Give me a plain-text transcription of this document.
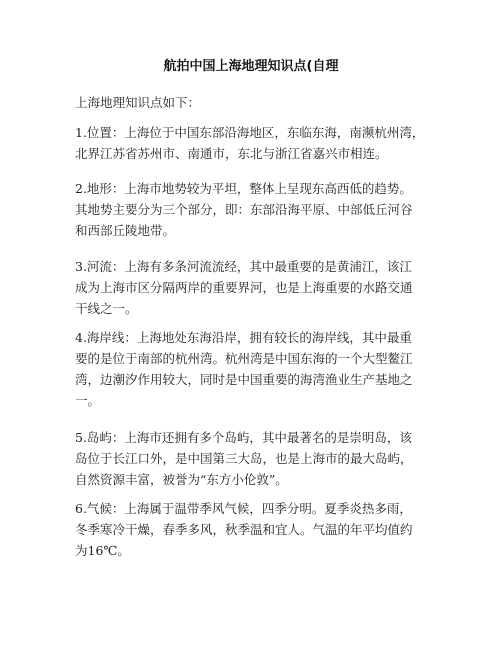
航拍中国上海地理知识点(自理
上海地理知识点如下：
1.位置：上海位于中国东部沿海地区，东临东海，南濒杭州湾，
北界江苏省苏州市、南通市，东北与浙江省嘉兴市相连。
2.地形：上海市地势较为平坦，整体上呈现东高西低的趋势。
其地势主要分为三个部分，即：东部沿海平原、中部低丘河谷
和西部丘陵地带。
3.河流：上海有多条河流流经，其中最重要的是黄浦江，该江
成为上海市区分隔两岸的重要界河，也是上海重要的水路交通
干线之一。
4.海岸线：上海地处东海沿岸，拥有较长的海岸线，其中最重
要的是位于南部的杭州湾。杭州湾是中国东海的一个大型鳌江
湾，边潮汐作用较大，同时是中国重要的海湾渔业生产基地之
一。
5.岛屿：上海市还拥有多个岛屿，其中最著名的是崇明岛，该
岛位于长江口外，是中国第三大岛，也是上海市的最大岛屿，
自然资源丰富，被誉为“东方小伦敦”。
6.气候：上海属于温带季风气候，四季分明。夏季炎热多雨，
冬季寒冷干燥，春季多风，秋季温和宜人。气温的年平均值约
为16℃。
